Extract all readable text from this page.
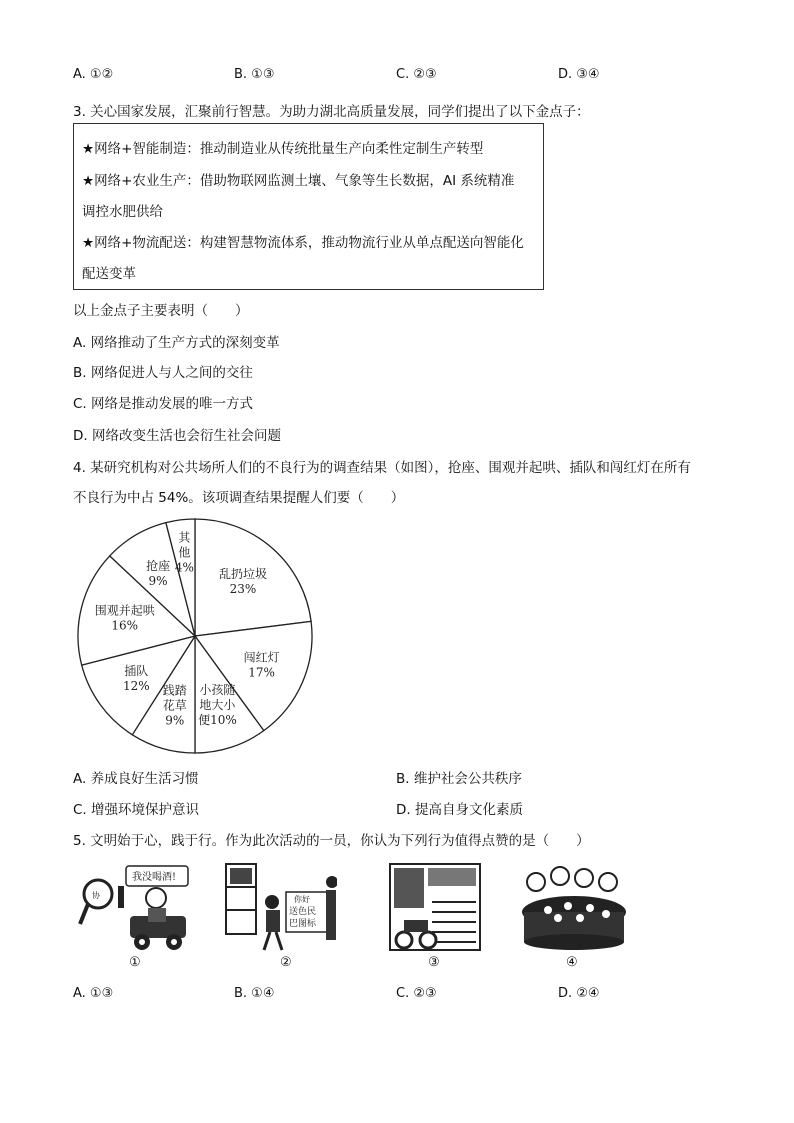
A. ①②	B. ①③	C. ②③	D. ③④
3. 关心国家发展，汇聚前行智慧。为助力湖北高质量发展，同学们提出了以下金点子：
★网络+智能制造：推动制造业从传统批量生产向柔性定制生产转型
★网络+农业生产：借助物联网监测土壤、气象等生长数据，AI 系统精准
调控水肥供给
★网络+物流配送：构建智慧物流体系，推动物流行业从单点配送向智能化
配送变革
以上金点子主要表明（　　）
A. 网络推动了生产方式的深刻变革
B. 网络促进人与人之间的交往
C. 网络是推动发展的唯一方式
D. 网络改变生活也会衍生社会问题
4. 某研究机构对公共场所人们的不良行为的调查结果（如图），抢座、围观并起哄、插队和闯红灯在所有
不良行为中占 54%。该项调查结果提醒人们要（　　）
乱扔垃圾
23%
闯红灯
17%
小孩随
地大小
便10%
践踏
花草
9%
插队
12%
围观并起哄
16%
抢座
9%
其
他
4%
A. 养成良好生活习惯	B. 维护社会公共秩序
C. 增强环境保护意识	D. 提高自身文化素质
5. 文明始于心，践于行。作为此次活动的一员，你认为下列行为值得点赞的是（　　）
我没喝酒!
协
①
送色民
巴图标
你好
②	③	④
A. ①③	B. ①④	C. ②③	D. ②④
